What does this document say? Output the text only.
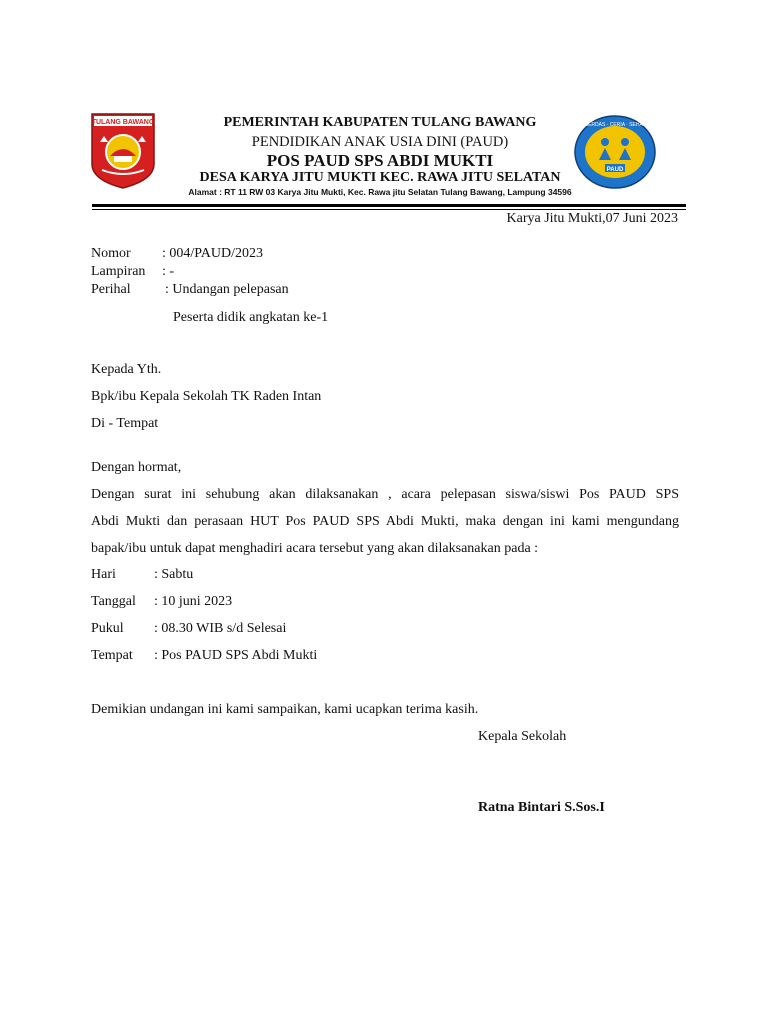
TULANG BAWANG	CERDAS · CERIA · SEHAT
PAUD
PEMERINTAH KABUPATEN TULANG BAWANG
PENDIDIKAN ANAK USIA DINI (PAUD)
POS PAUD SPS ABDI MUKTI
DESA KARYA JITU MUKTI KEC. RAWA JITU SELATAN
Alamat : RT 11 RW 03 Karya Jitu Mukti, Kec. Rawa jitu Selatan Tulang Bawang, Lampung 34596
Karya Jitu Mukti,07 Juni 2023
Nomor : 004/PAUD/2023
Lampiran : -
Perihal : Undangan pelepasan
Peserta didik angkatan ke-1
Kepada Yth.
Bpk/ibu Kepala Sekolah TK Raden Intan
Di - Tempat
Dengan hormat,
Dengan surat ini sehubung akan dilaksanakan , acara pelepasan siswa/siswi Pos PAUD SPS
Abdi Mukti dan perasaan HUT Pos PAUD SPS Abdi Mukti, maka dengan ini kami mengundang
bapak/ibu untuk dapat menghadiri acara tersebut yang akan dilaksanakan pada :
Hari	: Sabtu
Tanggal : 10 juni 2023
Pukul : 08.30 WIB s/d Selesai
Tempat : Pos PAUD SPS Abdi Mukti
Demikian undangan ini kami sampaikan, kami ucapkan terima kasih.
Kepala Sekolah
Ratna Bintari S.Sos.I
